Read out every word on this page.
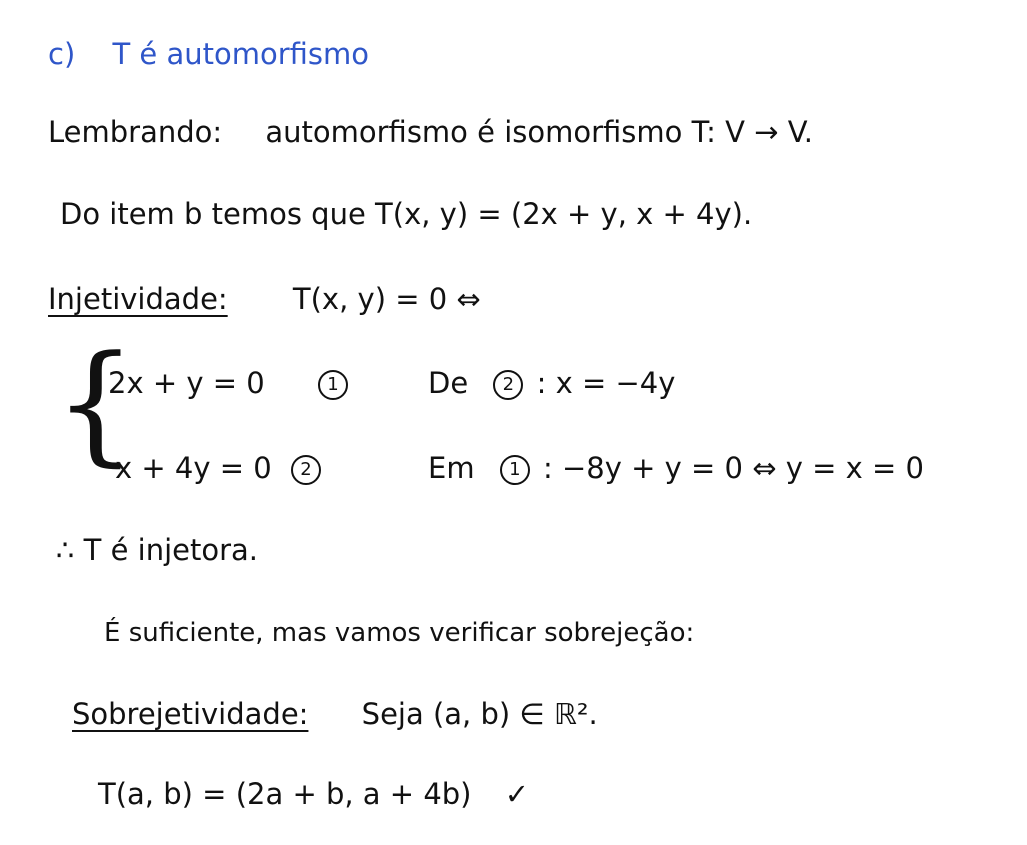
c) T é automorfismo
Lembrando: automorfismo é isomorfismo T: V → V.
Do item b temos que T(x, y) = (2x + y, x + 4y).
Injetividade: T(x, y) = 0 ⇔
{
2x + y = 0	1
x + 4y = 0 2
De 2 : x = −4y
Em 1 : −8y + y = 0 ⇔ y = x = 0
∴ T é injetora.
É suficiente, mas vamos verificar sobrejeção:
Sobrejetividade: Seja (a, b) ∈ ℝ².
T(a, b) = (2a + b, a + 4b) ✓
